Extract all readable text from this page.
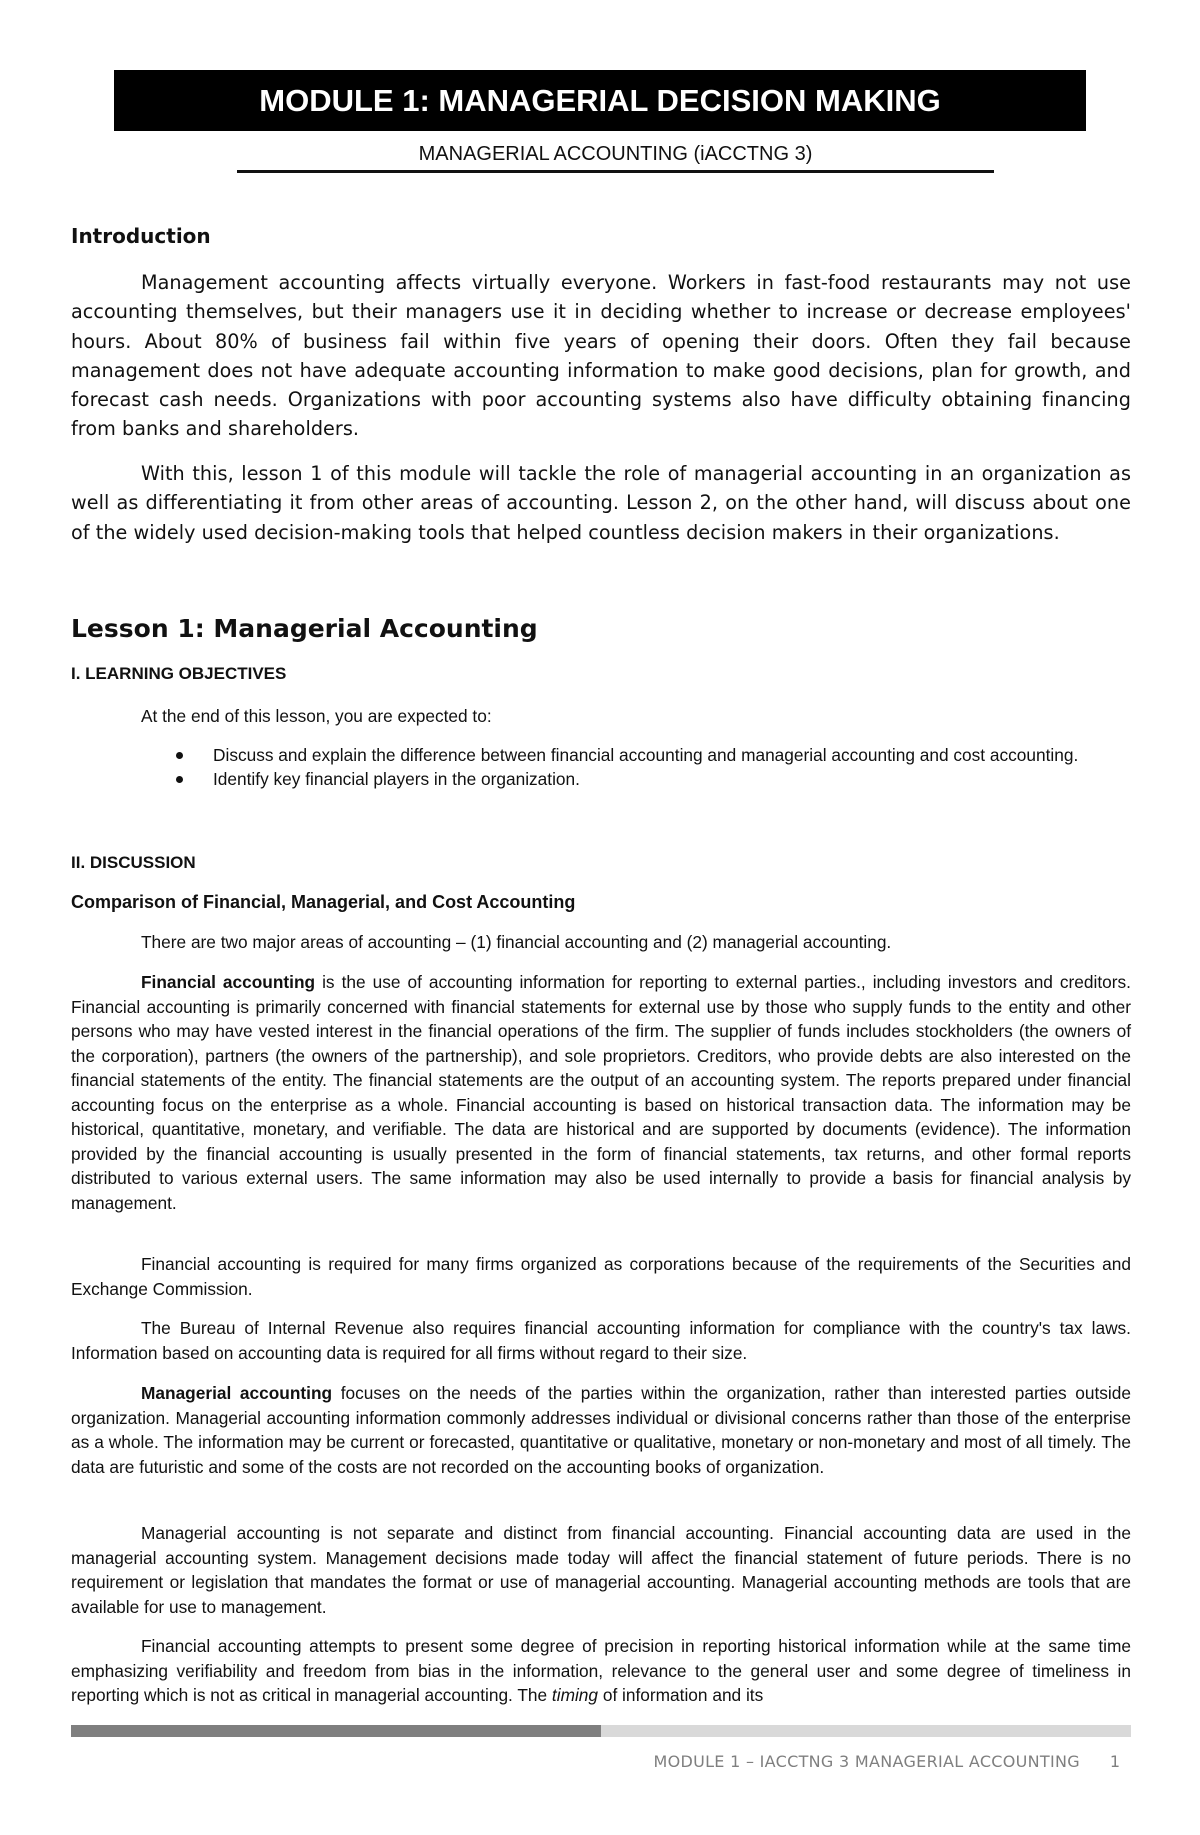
MODULE 1: MANAGERIAL DECISION MAKING
MANAGERIAL ACCOUNTING (iACCTNG 3)

Introduction

Management accounting affects virtually everyone. Workers in fast-food restaurants may not use accounting themselves, but their managers use it in deciding whether to increase or decrease employees' hours. About 80% of business fail within five years of opening their doors. Often they fail because management does not have adequate accounting information to make good decisions, plan for growth, and forecast cash needs. Organizations with poor accounting systems also have difficulty obtaining financing from banks and shareholders.

With this, lesson 1 of this module will tackle the role of managerial accounting in an organization as well as differentiating it from other areas of accounting. Lesson 2, on the other hand, will discuss about one of the widely used decision-making tools that helped countless decision makers in their organizations.

Lesson 1: Managerial Accounting

I. LEARNING OBJECTIVES

At the end of this lesson, you are expected to:

Discuss and explain the difference between financial accounting and managerial accounting and cost accounting.
Identify key financial players in the organization.

II. DISCUSSION

Comparison of Financial, Managerial, and Cost Accounting

There are two major areas of accounting – (1) financial accounting and (2) managerial accounting.

Financial accounting is the use of accounting information for reporting to external parties., including investors and creditors. Financial accounting is primarily concerned with financial statements for external use by those who supply funds to the entity and other persons who may have vested interest in the financial operations of the firm. The supplier of funds includes stockholders (the owners of the corporation), partners (the owners of the partnership), and sole proprietors. Creditors, who provide debts are also interested on the financial statements of the entity. The financial statements are the output of an accounting system. The reports prepared under financial accounting focus on the enterprise as a whole. Financial accounting is based on historical transaction data. The information may be historical, quantitative, monetary, and verifiable. The data are historical and are supported by documents (evidence). The information provided by the financial accounting is usually presented in the form of financial statements, tax returns, and other formal reports distributed to various external users. The same information may also be used internally to provide a basis for financial analysis by management.

Financial accounting is required for many firms organized as corporations because of the requirements of the Securities and Exchange Commission.

The Bureau of Internal Revenue also requires financial accounting information for compliance with the country's tax laws. Information based on accounting data is required for all firms without regard to their size.

Managerial accounting focuses on the needs of the parties within the organization, rather than interested parties outside organization. Managerial accounting information commonly addresses individual or divisional concerns rather than those of the enterprise as a whole. The information may be current or forecasted, quantitative or qualitative, monetary or non-monetary and most of all timely. The data are futuristic and some of the costs are not recorded on the accounting books of organization.

Managerial accounting is not separate and distinct from financial accounting. Financial accounting data are used in the managerial accounting system. Management decisions made today will affect the financial statement of future periods. There is no requirement or legislation that mandates the format or use of managerial accounting. Managerial accounting methods are tools that are available for use to management.

Financial accounting attempts to present some degree of precision in reporting historical information while at the same time emphasizing verifiability and freedom from bias in the information, relevance to the general user and some degree of timeliness in reporting which is not as critical in managerial accounting. The timing of information and its

MODULE 1 – IACCTNG 3 MANAGERIAL ACCOUNTING	1
